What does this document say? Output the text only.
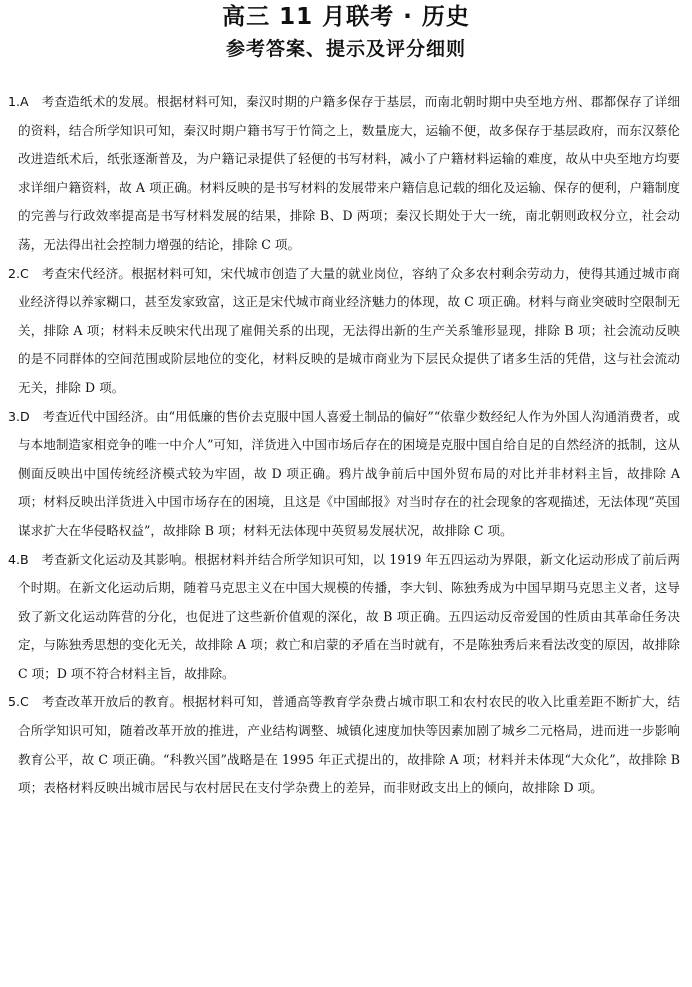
高三 11 月联考 · 历史
参考答案、提示及评分细则

1.A　 考查造纸术的发展。根据材料可知，秦汉时期的户籍多保存于基层，而南北朝时期中央至地方州、郡都保存了详细的资料，结合所学知识可知，秦汉时期户籍书写于竹简之上，数量庞大，运输不便，故多保存于基层政府，而东汉蔡伦改进造纸术后，纸张逐渐普及，为户籍记录提供了轻便的书写材料，减小了户籍材料运输的难度，故从中央至地方均要求详细户籍资料，故 A 项正确。材料反映的是书写材料的发展带来户籍信息记载的细化及运输、保存的便利，户籍制度的完善与行政效率提高是书写材料发展的结果，排除 B、D 两项；秦汉长期处于大一统，南北朝则政权分立，社会动荡，无法得出社会控制力增强的结论，排除 C 项。

2.C　 考查宋代经济。根据材料可知，宋代城市创造了大量的就业岗位，容纳了众多农村剩余劳动力，使得其通过城市商业经济得以养家糊口，甚至发家致富，这正是宋代城市商业经济魅力的体现，故 C 项正确。材料与商业突破时空限制无关，排除 A 项；材料未反映宋代出现了雇佣关系的出现，无法得出新的生产关系雏形显现，排除 B 项；社会流动反映的是不同群体的空间范围或阶层地位的变化，材料反映的是城市商业为下层民众提供了诸多生活的凭借，这与社会流动无关，排除 D 项。

3.D　 考查近代中国经济。由“用低廉的售价去克服中国人喜爱土制品的偏好”“依靠少数经纪人作为外国人沟通消费者，或与本地制造家相竞争的唯一中介人”可知，洋货进入中国市场后存在的困境是克服中国自给自足的自然经济的抵制，这从侧面反映出中国传统经济模式较为牢固，故 D 项正确。鸦片战争前后中国外贸布局的对比并非材料主旨，故排除 A 项；材料反映出洋货进入中国市场存在的困境，且这是《中国邮报》对当时存在的社会现象的客观描述，无法体现“英国谋求扩大在华侵略权益”，故排除 B 项；材料无法体现中英贸易发展状况，故排除 C 项。

4.B　 考查新文化运动及其影响。根据材料并结合所学知识可知，以 1919 年五四运动为界限，新文化运动形成了前后两个时期。在新文化运动后期，随着马克思主义在中国大规模的传播，李大钊、陈独秀成为中国早期马克思主义者，这导致了新文化运动阵营的分化，也促进了这些新价值观的深化，故 B 项正确。五四运动反帝爱国的性质由其革命任务决定，与陈独秀思想的变化无关，故排除 A 项；救亡和启蒙的矛盾在当时就有，不是陈独秀后来看法改变的原因，故排除 C 项；D 项不符合材料主旨，故排除。

5.C　 考查改革开放后的教育。根据材料可知，普通高等教育学杂费占城市职工和农村农民的收入比重差距不断扩大，结合所学知识可知，随着改革开放的推进，产业结构调整、城镇化速度加快等因素加剧了城乡二元格局，进而进一步影响教育公平，故 C 项正确。“科教兴国”战略是在 1995 年正式提出的，故排除 A 项；材料并未体现“大众化”，故排除 B 项；表格材料反映出城市居民与农村居民在支付学杂费上的差异，而非财政支出上的倾向，故排除 D 项。
